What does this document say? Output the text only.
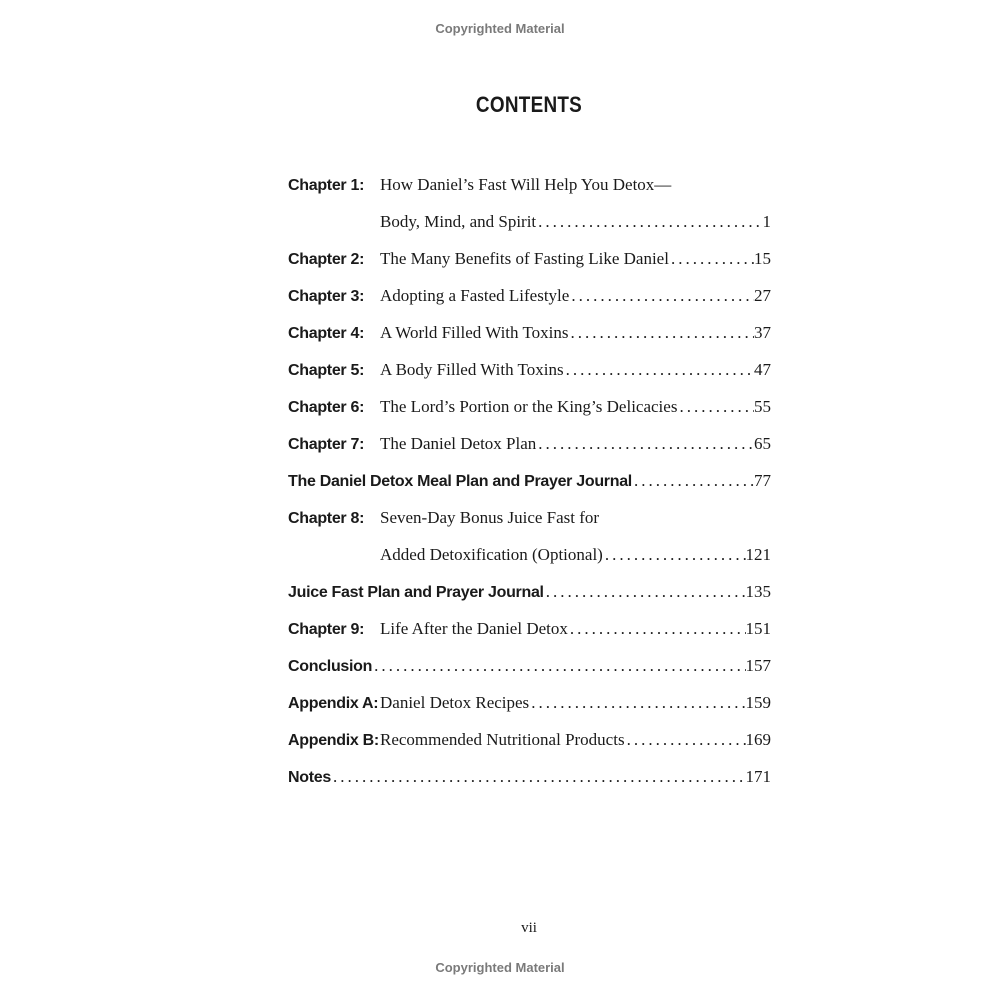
Copyrighted Material
CONTENTS
Chapter 1: How Daniel’s Fast Will Help You Detox—
Body, Mind, and Spirit .....	1
Chapter 2: The Many Benefits of Fasting Like Daniel .....	15
Chapter 3: Adopting a Fasted Lifestyle .....	27
Chapter 4: A World Filled With Toxins .....	37
Chapter 5: A Body Filled With Toxins .....	47
Chapter 6: The Lord’s Portion or the King’s Delicacies .....	55
Chapter 7: The Daniel Detox Plan .....	65
The Daniel Detox Meal Plan and Prayer Journal .....	77
Chapter 8: Seven-Day Bonus Juice Fast for
Added Detoxification (Optional) .....	121
Juice Fast Plan and Prayer Journal .....	135
Chapter 9: Life After the Daniel Detox .....	151
Conclusion .....	157
Appendix A: Daniel Detox Recipes .....	159
Appendix B: Recommended Nutritional Products .....	169
Notes .....	171
vii
Copyrighted Material
